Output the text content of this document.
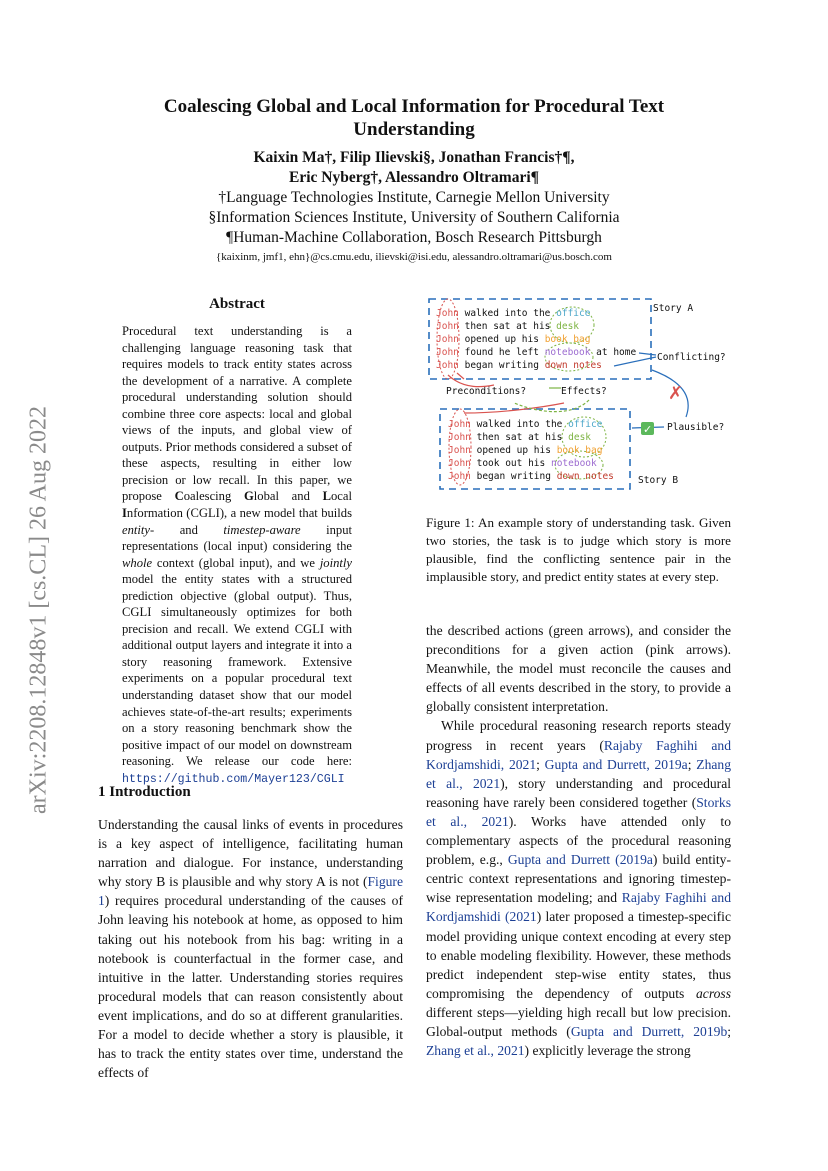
arXiv:2208.12848v1 [cs.CL] 26 Aug 2022
Coalescing Global and Local Information for Procedural Text
Understanding
Kaixin Ma†, Filip Ilievski§, Jonathan Francis†¶,
Eric Nyberg†, Alessandro Oltramari¶
†Language Technologies Institute, Carnegie Mellon University
§Information Sciences Institute, University of Southern California
¶Human-Machine Collaboration, Bosch Research Pittsburgh
{kaixinm, jmf1, ehn}@cs.cmu.edu, ilievski@isi.edu, alessandro.oltramari@us.bosch.com
Abstract
Procedural text understanding is a challenging language reasoning task that requires models to track entity states across the development of a narrative. A complete procedural understanding solution should combine three core aspects: local and global views of the inputs, and global view of outputs. Prior methods considered a subset of these aspects, resulting in either low precision or low recall. In this paper, we propose Coalescing Global and Local Information (CGLI), a new model that builds entity- and timestep-aware input representations (local input) considering the whole context (global input), and we jointly model the entity states with a structured prediction objective (global output). Thus, CGLI simultaneously optimizes for both precision and recall. We extend CGLI with additional output layers and integrate it into a story reasoning framework. Extensive experiments on a popular procedural text understanding dataset show that our model achieves state-of-the-art results; experiments on a story reasoning benchmark show the positive impact of our model on downstream reasoning. We release our code here: https://github.com/Mayer123/CGLI
1 Introduction
Understanding the causal links of events in procedures is a key aspect of intelligence, facilitating human narration and dialogue. For instance, understanding why story B is plausible and why story A is not (Figure 1) requires procedural understanding of the causes of John leaving his notebook at home, as opposed to him taking out his notebook from his bag: writing in a notebook is counterfactual in the former case, and intuitive in the latter. Understanding stories requires procedural models that can reason consistently about event implications, and do so at different granularities. For a model to decide whether a story is plausible, it has to track the entity states over time, understand the effects of
John walked into the office
John then sat at his desk
John opened up his book bag
John found he left notebook at home
John began writing down notes
John walked into the office
John then sat at his desk
John opened up his book bag
John took out his notebook
John began writing down notes
Story A
Story B
Preconditions?	Effects?
Conflicting?
Plausible?
✗
✓
Figure 1: An example story of understanding task. Given two stories, the task is to judge which story is more plausible, find the conflicting sentence pair in the implausible story, and predict entity states at every step.

the described actions (green arrows), and consider the preconditions for a given action (pink arrows). Meanwhile, the model must reconcile the causes and effects of all events described in the story, to provide a globally consistent interpretation.

While procedural reasoning research reports steady progress in recent years (Rajaby Faghihi and Kordjamshidi, 2021; Gupta and Durrett, 2019a; Zhang et al., 2021), story understanding and procedural reasoning have rarely been considered together (Storks et al., 2021). Works have attended only to complementary aspects of the procedural reasoning problem, e.g., Gupta and Durrett (2019a) build entity-centric context representations and ignoring timestep-wise representation modeling; and Rajaby Faghihi and Kordjamshidi (2021) later proposed a timestep-specific model providing unique context encoding at every step to enable modeling flexibility. However, these methods predict independent step-wise entity states, thus compromising the dependency of outputs across different steps—yielding high recall but low precision. Global-output methods (Gupta and Durrett, 2019b; Zhang et al., 2021) explicitly leverage the strong
